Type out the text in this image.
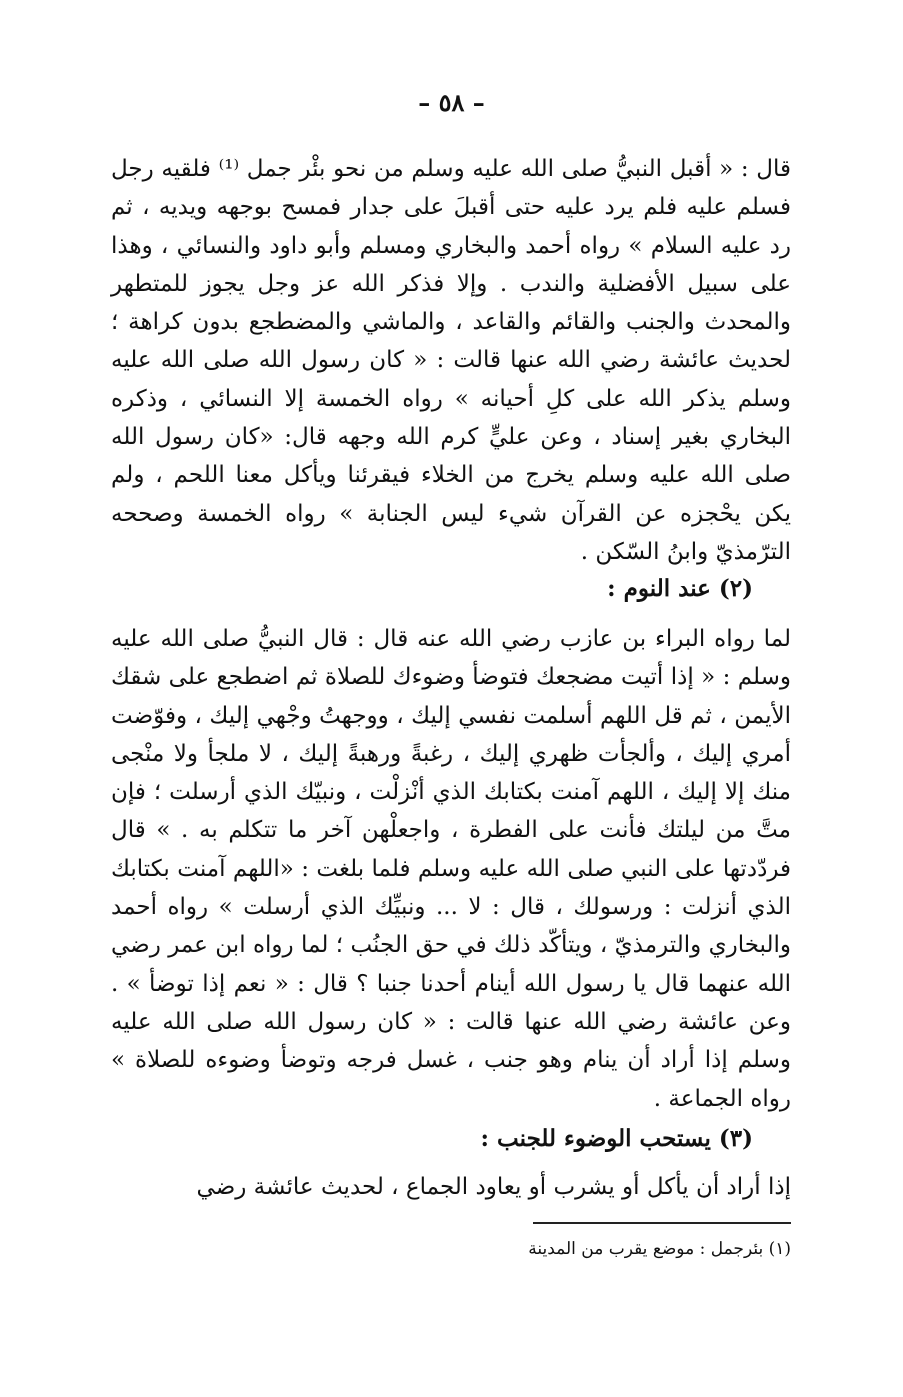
– ٥٨ –
قال : « أقبل النبيُّ صلى الله عليه وسلم من نحو بئْر جمل ⁽¹⁾ فلقيه رجل فسلم عليه فلم يرد عليه حتى أقبلَ على جدار فمسح بوجهه ويديه ، ثم رد عليه السلام » رواه أحمد والبخاري ومسلم وأبو داود والنسائي ، وهذا على سبيل الأفضلية والندب . وإلا فذكر الله عز وجل يجوز للمتطهر والمحدث والجنب والقائم والقاعد ، والماشي والمضطجع بدون كراهة ؛ لحديث عائشة رضي الله عنها قالت : « كان رسول الله صلى الله عليه وسلم يذكر الله على كلِ أحيانه » رواه الخمسة إلا النسائي ، وذكره البخاري بغير إسناد ، وعن عليٍّ كرم الله وجهه قال: «كان رسول الله صلى الله عليه وسلم يخرج من الخلاء فيقرئنا ويأكل معنا اللحم ، ولم يكن يحْجزه عن القرآن شيء ليس الجنابة » رواه الخمسة وصححه الترّمذيّ وابنُ السّكن .
(٢) عند النوم :
لما رواه البراء بن عازب رضي الله عنه قال : قال النبيُّ صلى الله عليه وسلم : « إذا أتيت مضجعك فتوضأ وضوءك للصلاة ثم اضطجع على شقك الأيمن ، ثم قل اللهم أسلمت نفسي إليك ، ووجهتُ وجْهي إليك ، وفوّضت أمري إليك ، وألجأت ظهري إليك ، رغبةً ورهبةً إليك ، لا ملجأ ولا منْجى منك إلا إليك ، اللهم آمنت بكتابك الذي أنْزلْت ، ونبيّك الذي أرسلت ؛ فإن متَّ من ليلتك فأنت على الفطرة ، واجعلْهن آخر ما تتكلم به . » قال فردّدتها على النبي صلى الله عليه وسلم فلما بلغت : «اللهم آمنت بكتابك الذي أنزلت : ورسولك ، قال : لا ... ونبيِّك الذي أرسلت » رواه أحمد والبخاري والترمذيّ ، ويتأكّد ذلك في حق الجنُب ؛ لما رواه ابن عمر رضي الله عنهما قال يا رسول الله أينام أحدنا جنبا ؟ قال : « نعم إذا توضأ » . وعن عائشة رضي الله عنها قالت : « كان رسول الله صلى الله عليه وسلم إذا أراد أن ينام وهو جنب ، غسل فرجه وتوضأ وضوءه للصلاة » رواه الجماعة .
(٣) يستحب الوضوء للجنب :
إذا أراد أن يأكل أو يشرب أو يعاود الجماع ، لحديث عائشة رضي
(١) بئرجمل : موضع يقرب من المدينة
